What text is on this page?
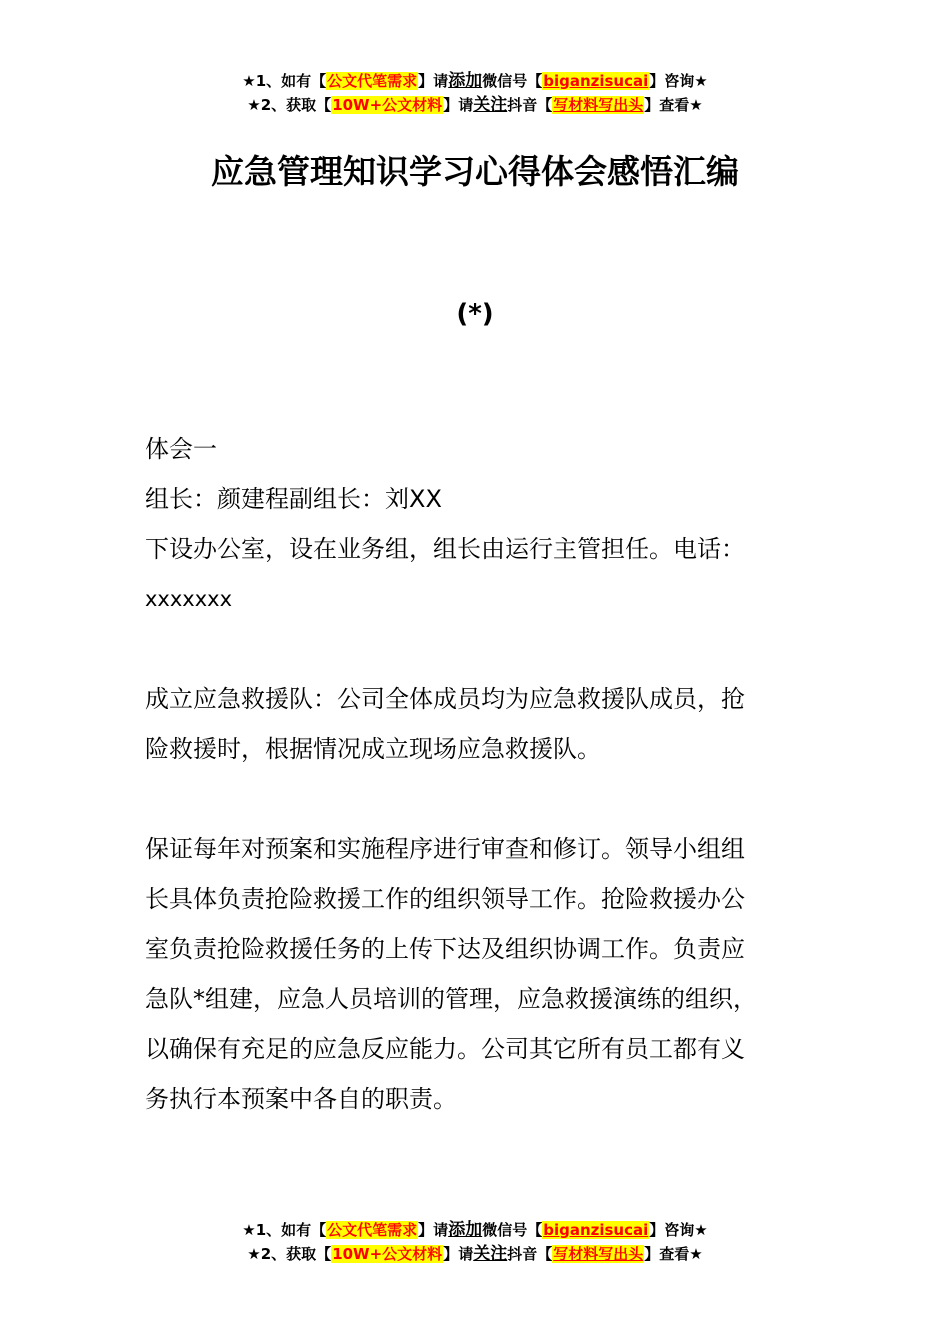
★1、如有【公文代笔需求】请添加微信号【biganzisucai】咨询★
★2、获取【10W+公文材料】请关注抖音【写材料写出头】查看★
应急管理知识学习心得体会感悟汇编
(*)
体会一
组长：颜建程副组长：刘XX
下设办公室，设在业务组，组长由运行主管担任。电话：
xxxxxxx
成立应急救援队：公司全体成员均为应急救援队成员，抢
险救援时，根据情况成立现场应急救援队。
保证每年对预案和实施程序进行审查和修订。领导小组组
长具体负责抢险救援工作的组织领导工作。抢险救援办公
室负责抢险救援任务的上传下达及组织协调工作。负责应
急队*组建，应急人员培训的管理，应急救援演练的组织，
以确保有充足的应急反应能力。公司其它所有员工都有义
务执行本预案中各自的职责。
★1、如有【公文代笔需求】请添加微信号【biganzisucai】咨询★
★2、获取【10W+公文材料】请关注抖音【写材料写出头】查看★
